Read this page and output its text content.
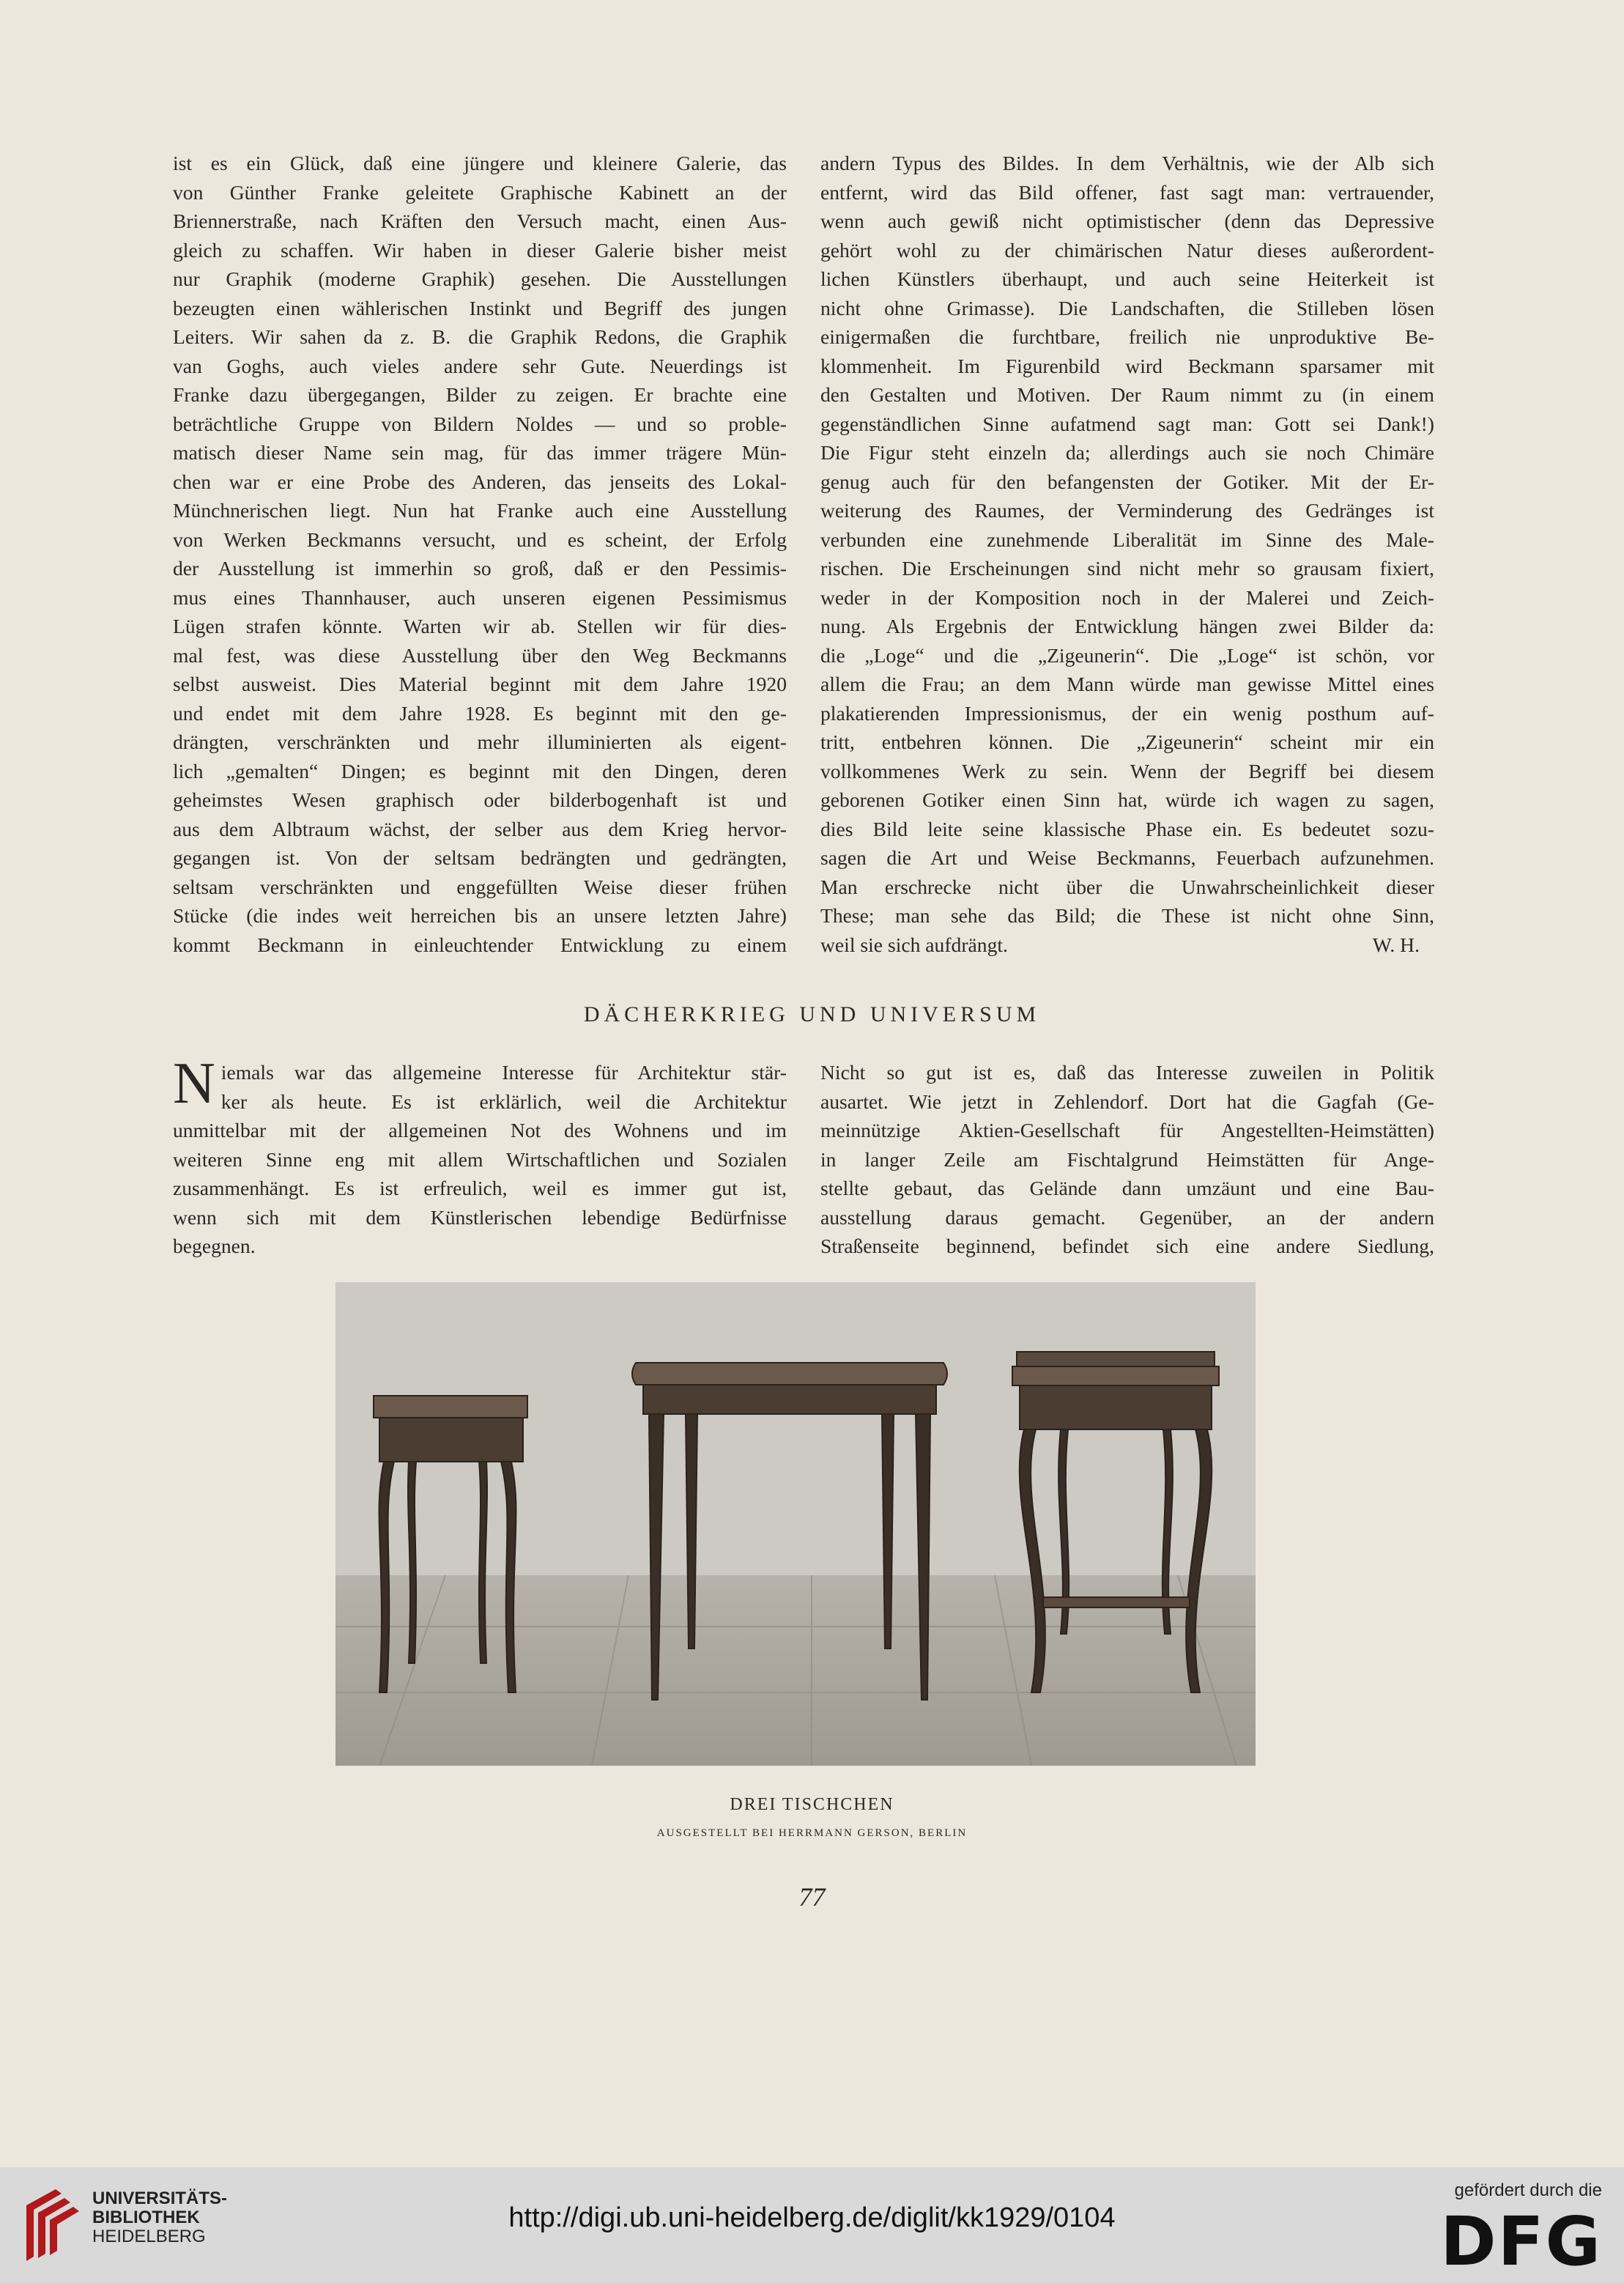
ist es ein Glück, daß eine jüngere und kleinere Galerie, das
von Günther Franke geleitete Graphische Kabinett an der
Briennerstraße, nach Kräften den Versuch macht, einen Aus-
gleich zu schaffen. Wir haben in dieser Galerie bisher meist
nur Graphik (moderne Graphik) gesehen. Die Ausstellungen
bezeugten einen wählerischen Instinkt und Begriff des jungen
Leiters. Wir sahen da z. B. die Graphik Redons, die Graphik
van Goghs, auch vieles andere sehr Gute. Neuerdings ist
Franke dazu übergegangen, Bilder zu zeigen. Er brachte eine
beträchtliche Gruppe von Bildern Noldes — und so proble-
matisch dieser Name sein mag, für das immer trägere Mün-
chen war er eine Probe des Anderen, das jenseits des Lokal-
Münchnerischen liegt. Nun hat Franke auch eine Ausstellung
von Werken Beckmanns versucht, und es scheint, der Erfolg
der Ausstellung ist immerhin so groß, daß er den Pessimis-
mus eines Thannhauser, auch unseren eigenen Pessimismus
Lügen strafen könnte. Warten wir ab. Stellen wir für dies-
mal fest, was diese Ausstellung über den Weg Beckmanns
selbst ausweist. Dies Material beginnt mit dem Jahre 1920
und endet mit dem Jahre 1928. Es beginnt mit den ge-
drängten, verschränkten und mehr illuminierten als eigent-
lich „gemalten“ Dingen; es beginnt mit den Dingen, deren
geheimstes Wesen graphisch oder bilderbogenhaft ist und
aus dem Albtraum wächst, der selber aus dem Krieg hervor-
gegangen ist. Von der seltsam bedrängten und gedrängten,
seltsam verschränkten und enggefüllten Weise dieser frühen
Stücke (die indes weit herreichen bis an unsere letzten Jahre)
kommt Beckmann in einleuchtender Entwicklung zu einem
andern Typus des Bildes. In dem Verhältnis, wie der Alb sich
entfernt, wird das Bild offener, fast sagt man: vertrauender,
wenn auch gewiß nicht optimistischer (denn das Depressive
gehört wohl zu der chimärischen Natur dieses außerordent-
lichen Künstlers überhaupt, und auch seine Heiterkeit ist
nicht ohne Grimasse). Die Landschaften, die Stilleben lösen
einigermaßen die furchtbare, freilich nie unproduktive Be-
klommenheit. Im Figurenbild wird Beckmann sparsamer mit
den Gestalten und Motiven. Der Raum nimmt zu (in einem
gegenständlichen Sinne aufatmend sagt man: Gott sei Dank!)
Die Figur steht einzeln da; allerdings auch sie noch Chimäre
genug auch für den befangensten der Gotiker. Mit der Er-
weiterung des Raumes, der Verminderung des Gedränges ist
verbunden eine zunehmende Liberalität im Sinne des Male-
rischen. Die Erscheinungen sind nicht mehr so grausam fixiert,
weder in der Komposition noch in der Malerei und Zeich-
nung. Als Ergebnis der Entwicklung hängen zwei Bilder da:
die „Loge“ und die „Zigeunerin“. Die „Loge“ ist schön, vor
allem die Frau; an dem Mann würde man gewisse Mittel eines
plakatierenden Impressionismus, der ein wenig posthum auf-
tritt, entbehren können. Die „Zigeunerin“ scheint mir ein
vollkommenes Werk zu sein. Wenn der Begriff bei diesem
geborenen Gotiker einen Sinn hat, würde ich wagen zu sagen,
dies Bild leite seine klassische Phase ein. Es bedeutet sozu-
sagen die Art und Weise Beckmanns, Feuerbach aufzunehmen.
Man erschrecke nicht über die Unwahrscheinlichkeit dieser
These; man sehe das Bild; die These ist nicht ohne Sinn,
weil sie sich aufdrängt.	W. H.
DÄCHERKRIEG UND UNIVERSUM
N iemals war das allgemeine Interesse für Architektur stär-
ker als heute. Es ist erklärlich, weil die Architektur
unmittelbar mit der allgemeinen Not des Wohnens und im
weiteren Sinne eng mit allem Wirtschaftlichen und Sozialen
zusammenhängt. Es ist erfreulich, weil es immer gut ist,
wenn sich mit dem Künstlerischen lebendige Bedürfnisse
begegnen.
Nicht so gut ist es, daß das Interesse zuweilen in Politik
ausartet. Wie jetzt in Zehlendorf. Dort hat die Gagfah (Ge-
meinnützige Aktien-Gesellschaft für Angestellten-Heimstätten)
in langer Zeile am Fischtalgrund Heimstätten für Ange-
stellte gebaut, das Gelände dann umzäunt und eine Bau-
ausstellung daraus gemacht. Gegenüber, an der andern
Straßenseite beginnend, befindet sich eine andere Siedlung,
DREI TISCHCHEN
AUSGESTELLT BEI HERRMANN GERSON, BERLIN
77
UNIVERSITÄTS-
BIBLIOTHEK
HEIDELBERG
http://digi.ub.uni-heidelberg.de/diglit/kk1929/0104
gefördert durch die
DFG
